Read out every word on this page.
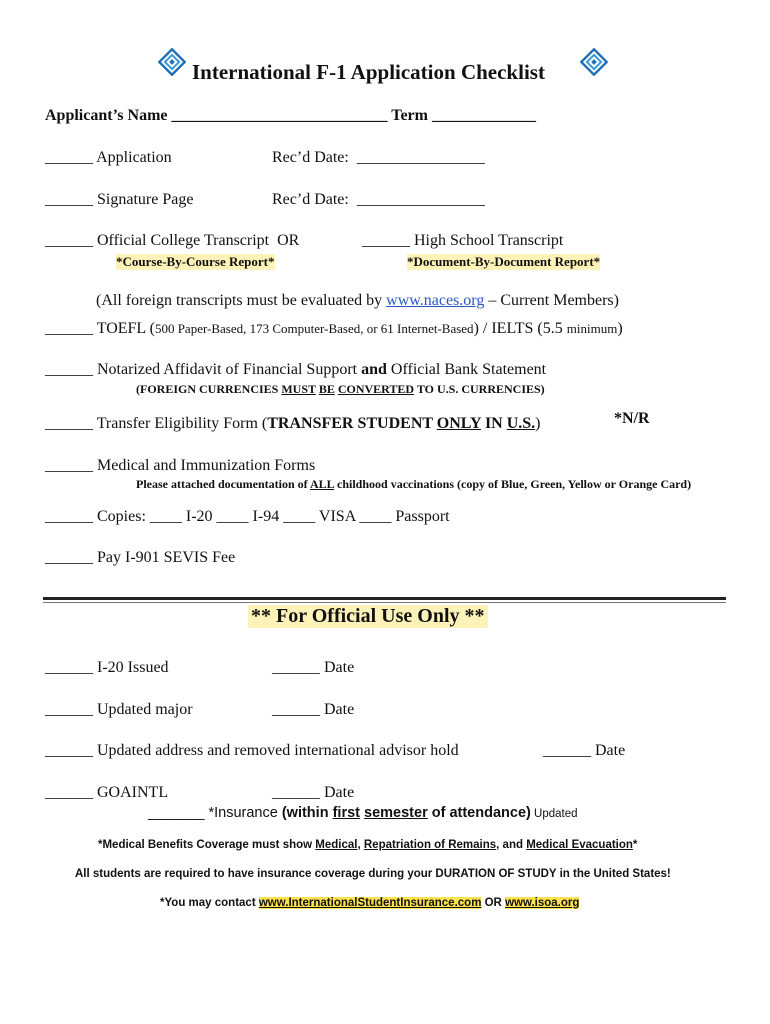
International F-1 Application Checklist
Applicant’s Name ___________________________ Term _____________
______ Application	Rec’d Date: ________________
______ Signature Page	Rec’d Date: ________________
______ Official College Transcript OR	______ High School Transcript
*Course-By-Course Report*	*Document-By-Document Report*
(All foreign transcripts must be evaluated by www.naces.org – Current Members)
______ TOEFL (500 Paper-Based, 173 Computer-Based, or 61 Internet-Based) / IELTS (5.5 minimum)
______ Notarized Affidavit of Financial Support and Official Bank Statement
(FOREIGN CURRENCIES MUST BE CONVERTED TO U.S. CURRENCIES)
______ Transfer Eligibility Form (TRANSFER STUDENT ONLY IN U.S.)	*N/R
______ Medical and Immunization Forms
Please attached documentation of ALL childhood vaccinations (copy of Blue, Green, Yellow or Orange Card)
______ Copies: ____ I-20 ____ I-94 ____ VISA ____ Passport
______ Pay I-901 SEVIS Fee
** For Official Use Only **
______ I-20 Issued	______ Date
______ Updated major	______ Date
______ Updated address and removed international advisor hold	______ Date
______ GOAINTL	______ Date
_______ *Insurance (within first semester of attendance) Updated
*Medical Benefits Coverage must show Medical, Repatriation of Remains, and Medical Evacuation*
All students are required to have insurance coverage during your DURATION OF STUDY in the United States!
*You may contact www.InternationalStudentInsurance.com OR www.isoa.org
